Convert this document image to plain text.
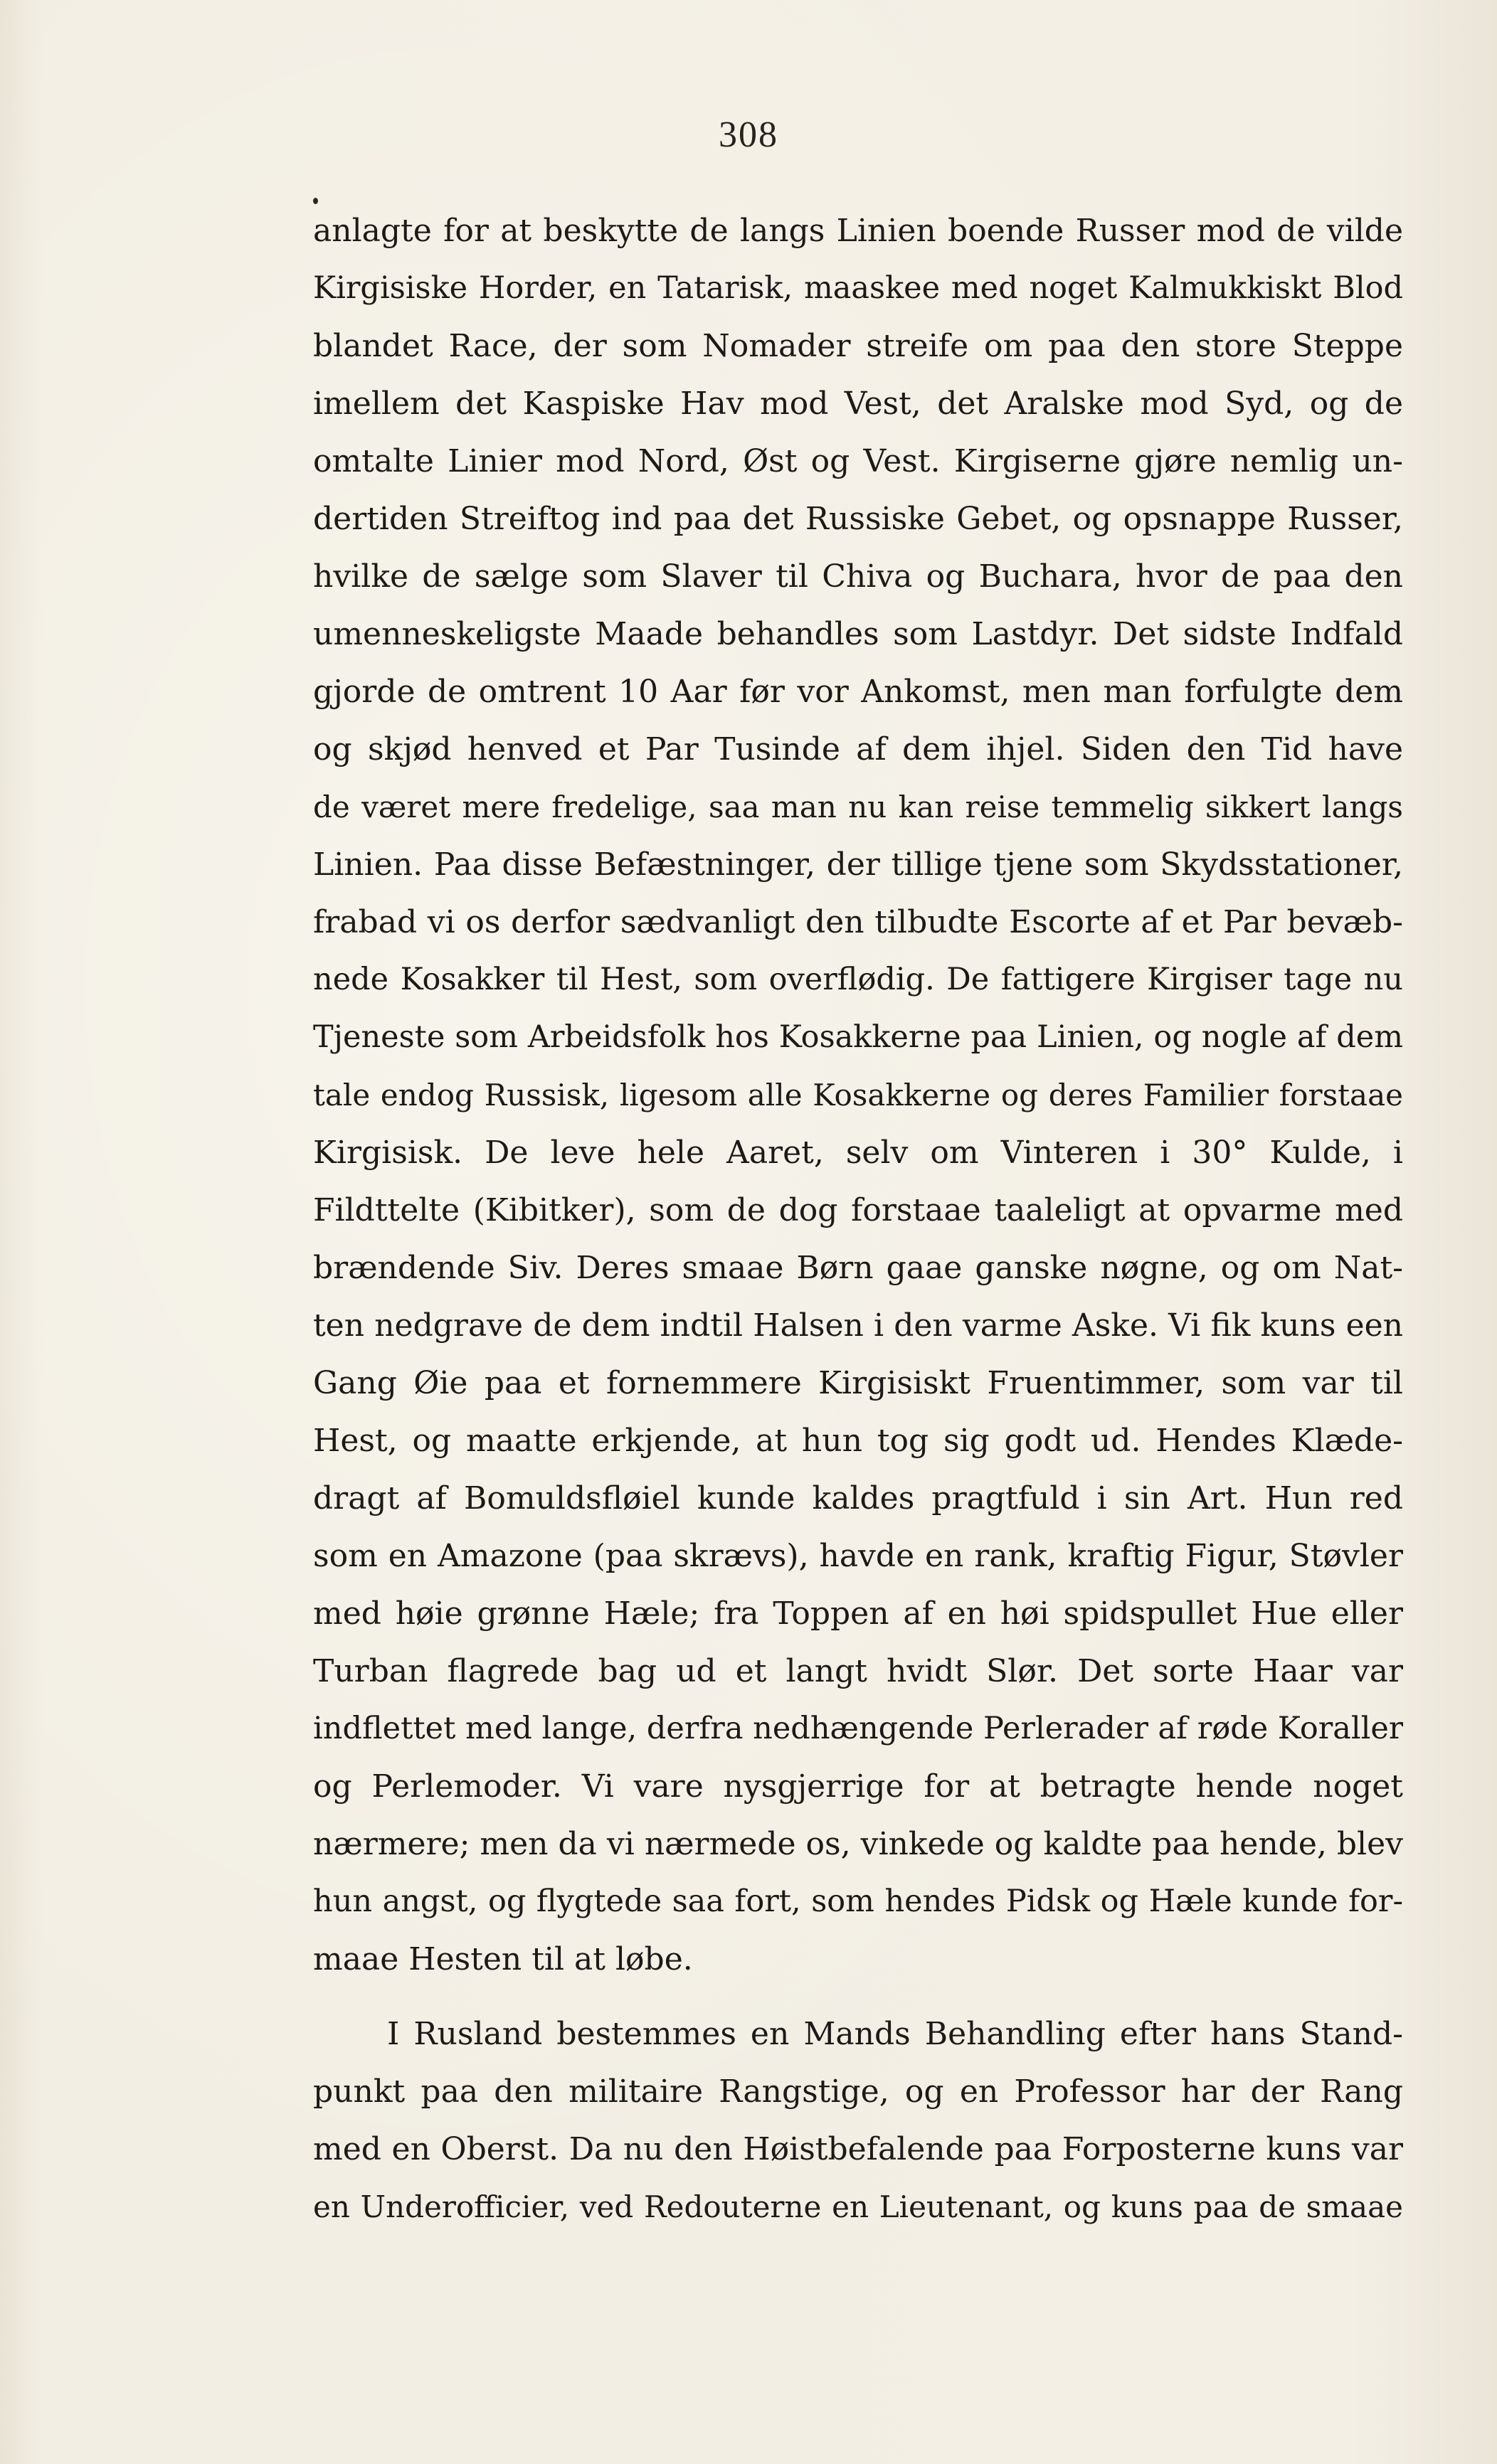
308
anlagte for at beskytte de langs Linien boende Russer mod de vilde
Kirgisiske Horder, en Tatarisk, maaskee med noget Kalmukkiskt Blod
blandet Race, der som Nomader streife om paa den store Steppe
imellem det Kaspiske Hav mod Vest, det Aralske mod Syd, og de
omtalte Linier mod Nord, Øst og Vest. Kirgiserne gjøre nemlig un-
dertiden Streiftog ind paa det Russiske Gebet, og opsnappe Russer,
hvilke de sælge som Slaver til Chiva og Buchara, hvor de paa den
umenneskeligste Maade behandles som Lastdyr. Det sidste Indfald
gjorde de omtrent 10 Aar før vor Ankomst, men man forfulgte dem
og skjød henved et Par Tusinde af dem ihjel. Siden den Tid have
de været mere fredelige, saa man nu kan reise temmelig sikkert langs
Linien. Paa disse Befæstninger, der tillige tjene som Skydsstationer,
frabad vi os derfor sædvanligt den tilbudte Escorte af et Par bevæb-
nede Kosakker til Hest, som overflødig. De fattigere Kirgiser tage nu
Tjeneste som Arbeidsfolk hos Kosakkerne paa Linien, og nogle af dem
tale endog Russisk, ligesom alle Kosakkerne og deres Familier forstaae
Kirgisisk. De leve hele Aaret, selv om Vinteren i 30° Kulde, i
Fildttelte (Kibitker), som de dog forstaae taaleligt at opvarme med
brændende Siv. Deres smaae Børn gaae ganske nøgne, og om Nat-
ten nedgrave de dem indtil Halsen i den varme Aske. Vi fik kuns een
Gang Øie paa et fornemmere Kirgisiskt Fruentimmer, som var til
Hest, og maatte erkjende, at hun tog sig godt ud. Hendes Klæde-
dragt af Bomuldsfløiel kunde kaldes pragtfuld i sin Art. Hun red
som en Amazone (paa skrævs), havde en rank, kraftig Figur, Støvler
med høie grønne Hæle; fra Toppen af en høi spidspullet Hue eller
Turban flagrede bag ud et langt hvidt Slør. Det sorte Haar var
indflettet med lange, derfra nedhængende Perlerader af røde Koraller
og Perlemoder. Vi vare nysgjerrige for at betragte hende noget
nærmere; men da vi nærmede os, vinkede og kaldte paa hende, blev
hun angst, og flygtede saa fort, som hendes Pidsk og Hæle kunde for-
maae Hesten til at løbe.
I Rusland bestemmes en Mands Behandling efter hans Stand-
punkt paa den militaire Rangstige, og en Professor har der Rang
med en Oberst. Da nu den Høistbefalende paa Forposterne kuns var
en Underofficier, ved Redouterne en Lieutenant, og kuns paa de smaae
